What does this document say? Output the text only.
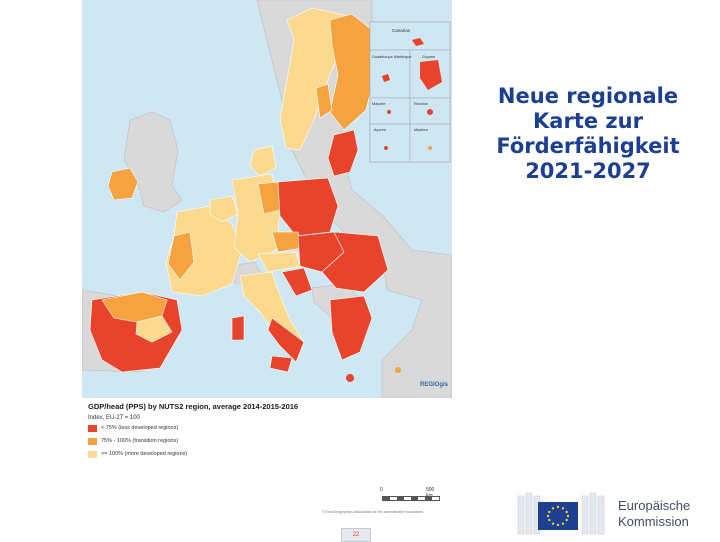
Canarias
Guadeloupe Martinique	Guyane
Mayotte	Réunion
Açores	Madeira
REGIOgis
GDP/head (PPS) by NUTS2 region, average 2014-2015-2016
Index, EU-27 = 100
< 75% (less developed regions)
75% - 100% (transition regions)
>= 100% (more developed regions)
0	500
© EuroGeographics Association for the administrative boundaries
22
Neue regionale
Karte zur
Förderfähigkeit
2021-2027
Europäische
Kommission
